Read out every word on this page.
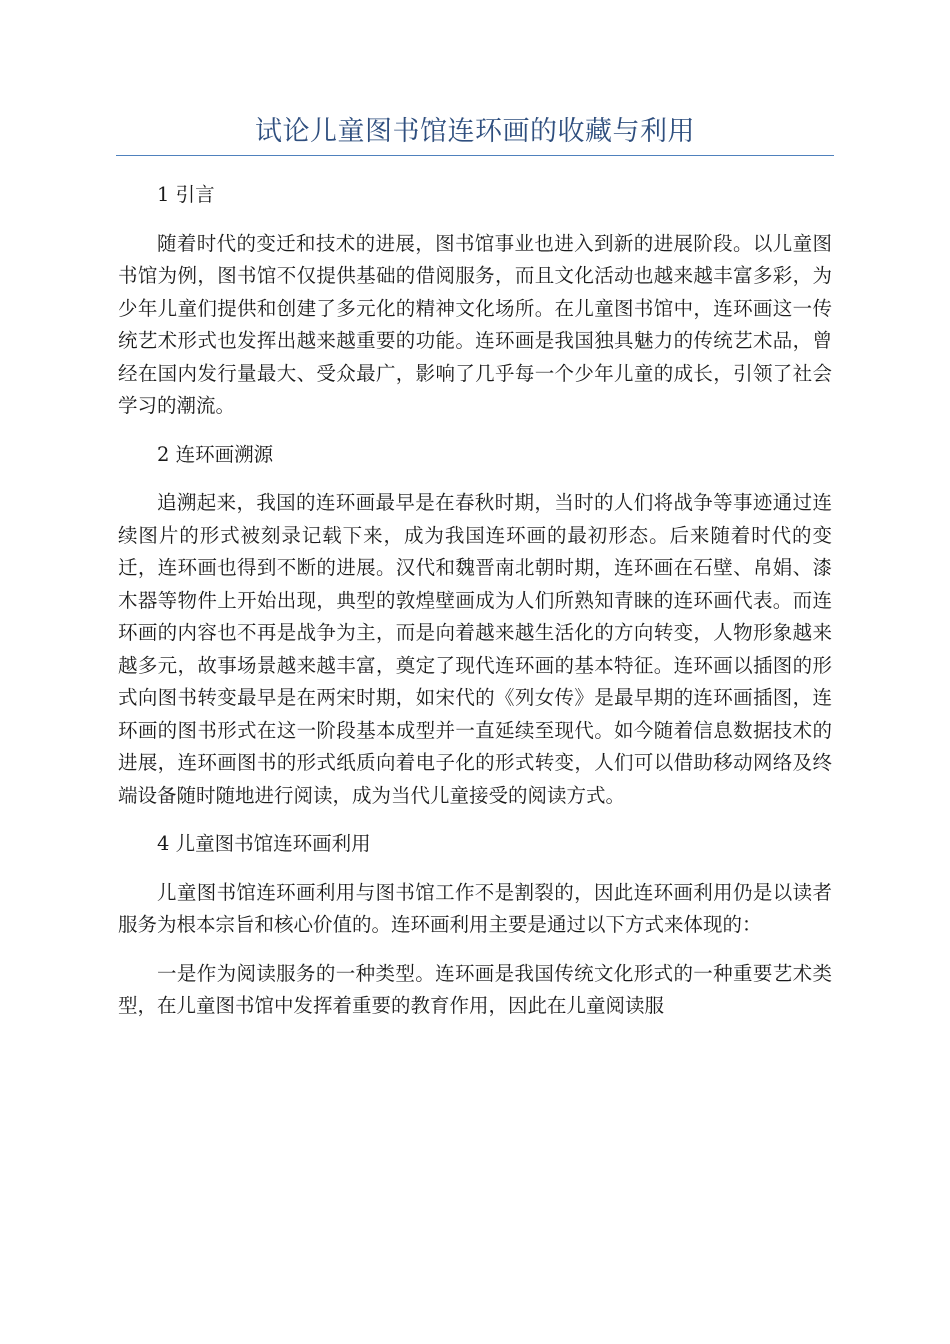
试论儿童图书馆连环画的收藏与利用

1 引言

随着时代的变迁和技术的进展，图书馆事业也进入到新的进展阶段。以儿童图书馆为例，图书馆不仅提供基础的借阅服务，而且文化活动也越来越丰富多彩，为少年儿童们提供和创建了多元化的精神文化场所。在儿童图书馆中，连环画这一传统艺术形式也发挥出越来越重要的功能。连环画是我国独具魅力的传统艺术品，曾经在国内发行量最大、受众最广，影响了几乎每一个少年儿童的成长，引领了社会学习的潮流。

2 连环画溯源

追溯起来，我国的连环画最早是在春秋时期，当时的人们将战争等事迹通过连续图片的形式被刻录记载下来，成为我国连环画的最初形态。后来随着时代的变迁，连环画也得到不断的进展。汉代和魏晋南北朝时期，连环画在石壁、帛娟、漆木器等物件上开始出现，典型的敦煌壁画成为人们所熟知青睐的连环画代表。而连环画的内容也不再是战争为主，而是向着越来越生活化的方向转变，人物形象越来越多元，故事场景越来越丰富，奠定了现代连环画的基本特征。连环画以插图的形式向图书转变最早是在两宋时期，如宋代的《列女传》是最早期的连环画插图，连环画的图书形式在这一阶段基本成型并一直延续至现代。如今随着信息数据技术的进展，连环画图书的形式纸质向着电子化的形式转变，人们可以借助移动网络及终端设备随时随地进行阅读，成为当代儿童接受的阅读方式。

4 儿童图书馆连环画利用

儿童图书馆连环画利用与图书馆工作不是割裂的，因此连环画利用仍是以读者服务为根本宗旨和核心价值的。连环画利用主要是通过以下方式来体现的：

一是作为阅读服务的一种类型。连环画是我国传统文化形式的一种重要艺术类型，在儿童图书馆中发挥着重要的教育作用，因此在儿童阅读服
